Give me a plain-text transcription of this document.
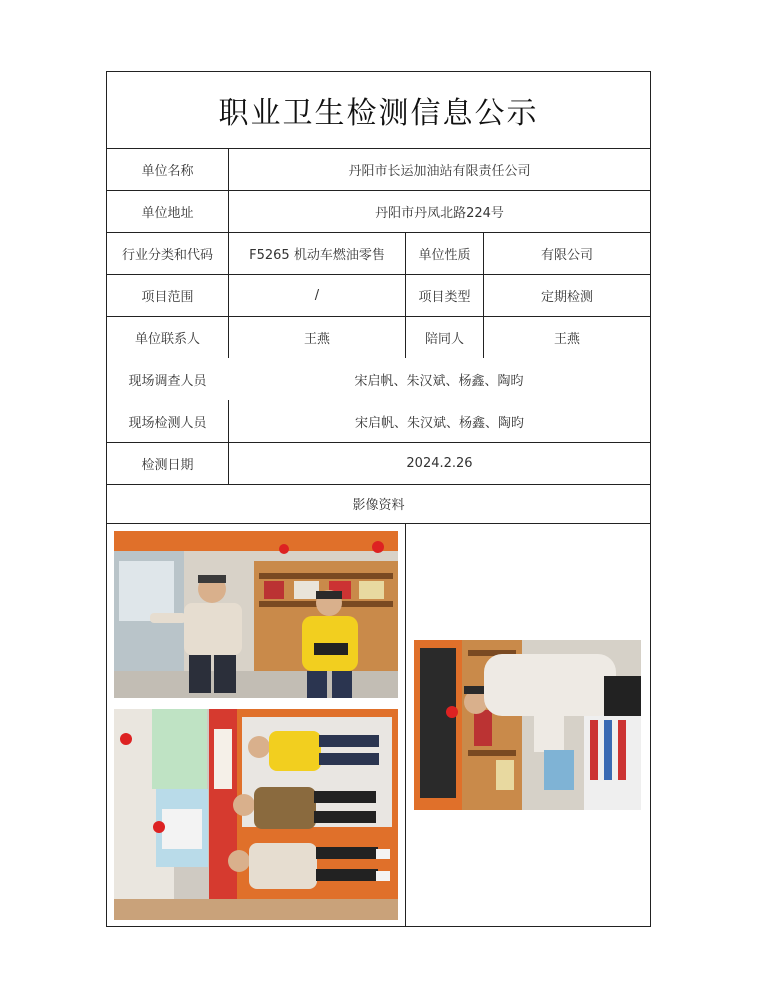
职业卫生检测信息公示
单位名称	丹阳市长运加油站有限责任公司
单位地址	丹阳市丹凤北路224号
行业分类和代码	F5265 机动车燃油零售	单位性质	有限公司
项目范围	/	项目类型	定期检测
单位联系人	王燕	陪同人	王燕
现场调查人员	宋启帆、朱汉斌、杨鑫、陶昀
现场检测人员	宋启帆、朱汉斌、杨鑫、陶昀
检测日期	2024.2.26
影像资料
